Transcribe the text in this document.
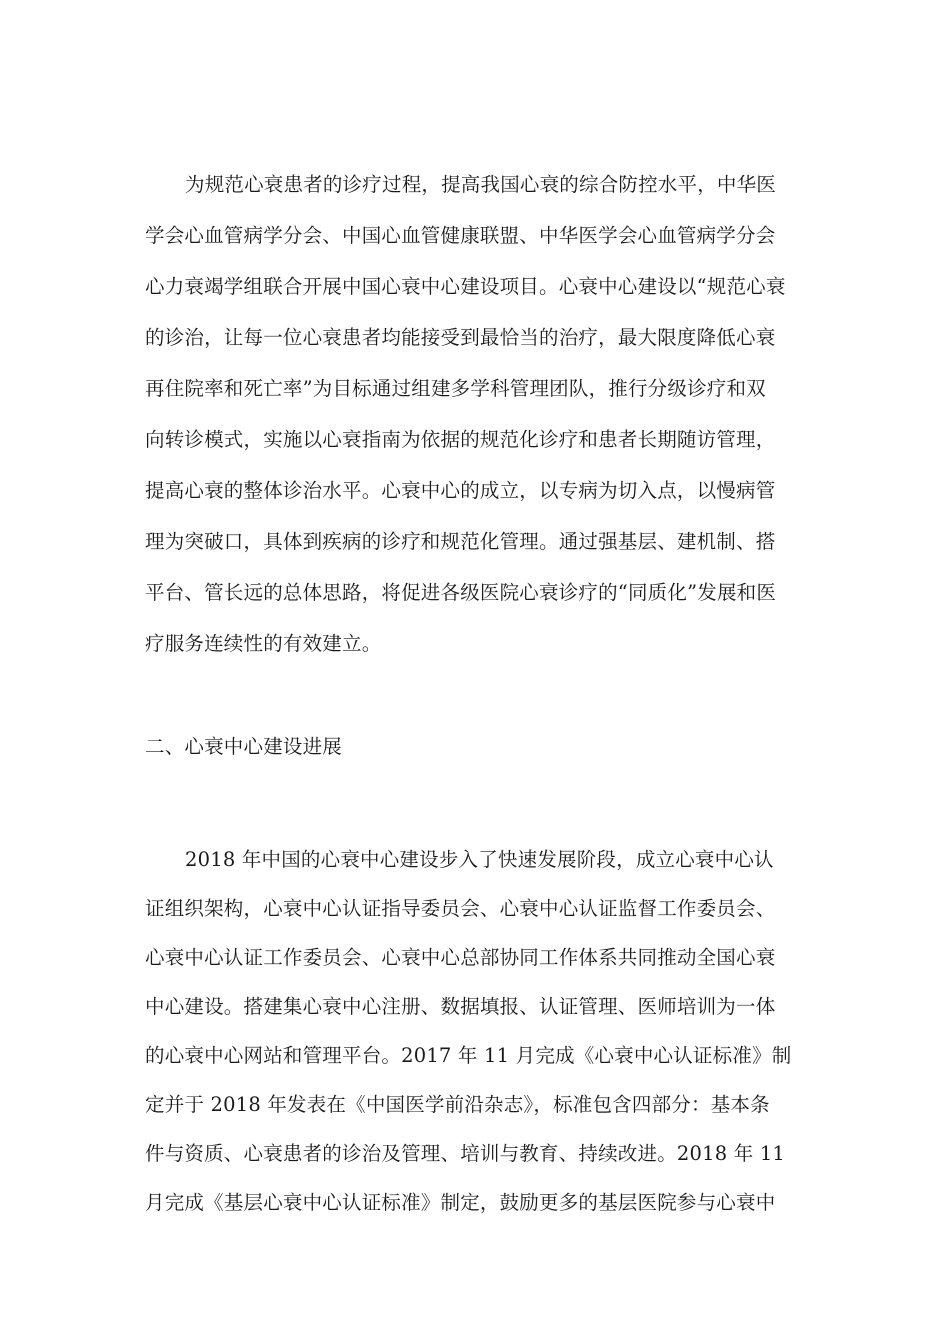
为规范心衰患者的诊疗过程，提高我国心衰的综合防控水平，中华医
学会心血管病学分会、中国心血管健康联盟、中华医学会心血管病学分会
心力衰竭学组联合开展中国心衰中心建设项目。心衰中心建设以“规范心衰
的诊治，让每一位心衰患者均能接受到最恰当的治疗，最大限度降低心衰
再住院率和死亡率”为目标通过组建多学科管理团队，推行分级诊疗和双
向转诊模式，实施以心衰指南为依据的规范化诊疗和患者长期随访管理，
提高心衰的整体诊治水平。心衰中心的成立，以专病为切入点，以慢病管
理为突破口，具体到疾病的诊疗和规范化管理。通过强基层、建机制、搭
平台、管长远的总体思路，将促进各级医院心衰诊疗的“同质化”发展和医
疗服务连续性的有效建立。
二、心衰中心建设进展
2018 年中国的心衰中心建设步入了快速发展阶段，成立心衰中心认
证组织架构，心衰中心认证指导委员会、心衰中心认证监督工作委员会、
心衰中心认证工作委员会、心衰中心总部协同工作体系共同推动全国心衰
中心建设。搭建集心衰中心注册、数据填报、认证管理、医师培训为一体
的心衰中心网站和管理平台。2017 年 11 月完成《心衰中心认证标准》制
定并于 2018 年发表在《中国医学前沿杂志》，标准包含四部分：基本条
件与资质、心衰患者的诊治及管理、培训与教育、持续改进。2018 年 11
月完成《基层心衰中心认证标准》制定，鼓励更多的基层医院参与心衰中
